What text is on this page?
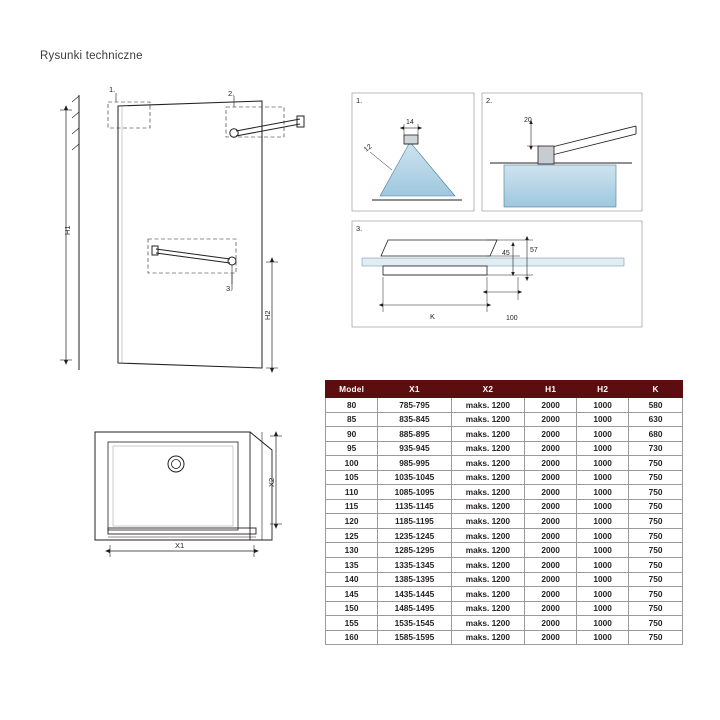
Rysunki techniczne
1.	2.
3.
H1
H2
X2
X1
1.
14
12
2.
20
3.
45	57
100
K
Model	X1	X2	H1	H2	K
80	785-795	maks. 1200	2000	1000	580
85	835-845	maks. 1200	2000	1000	630
90	885-895	maks. 1200	2000	1000	680
95	935-945	maks. 1200	2000	1000	730
100	985-995	maks. 1200	2000	1000	750
105	1035-1045	maks. 1200	2000	1000	750
110	1085-1095	maks. 1200	2000	1000	750
115	1135-1145	maks. 1200	2000	1000	750
120	1185-1195	maks. 1200	2000	1000	750
125	1235-1245	maks. 1200	2000	1000	750
130	1285-1295	maks. 1200	2000	1000	750
135	1335-1345	maks. 1200	2000	1000	750
140	1385-1395	maks. 1200	2000	1000	750
145	1435-1445	maks. 1200	2000	1000	750
150	1485-1495	maks. 1200	2000	1000	750
155	1535-1545	maks. 1200	2000	1000	750
160	1585-1595	maks. 1200	2000	1000	750
